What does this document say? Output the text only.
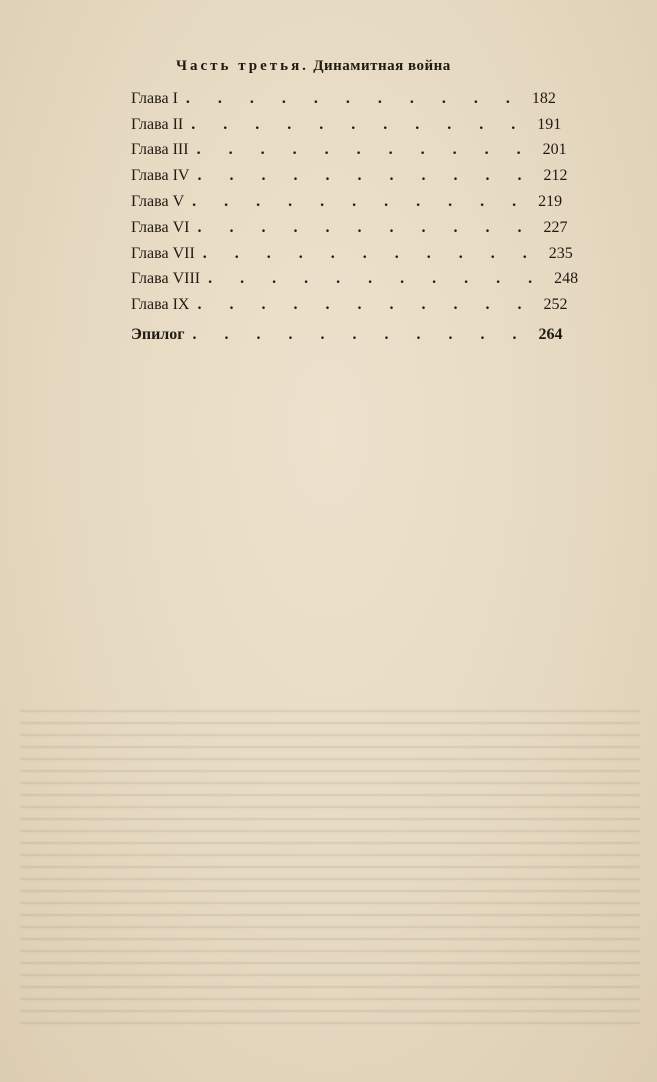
Часть третья. Динамитная война
Глава I . . . . . . . . . . . 182
Глава II . . . . . . . . . . . 191
Глава III . . . . . . . . . . . 201
Глава IV . . . . . . . . . . . 212
Глава V . . . . . . . . . . . 219
Глава VI . . . . . . . . . . . 227
Глава VII . . . . . . . . . . . 235
Глава VIII . . . . . . . . . . . 248
Глава IX . . . . . . . . . . . 252
Эпилог . . . . . . . . . . . 264
